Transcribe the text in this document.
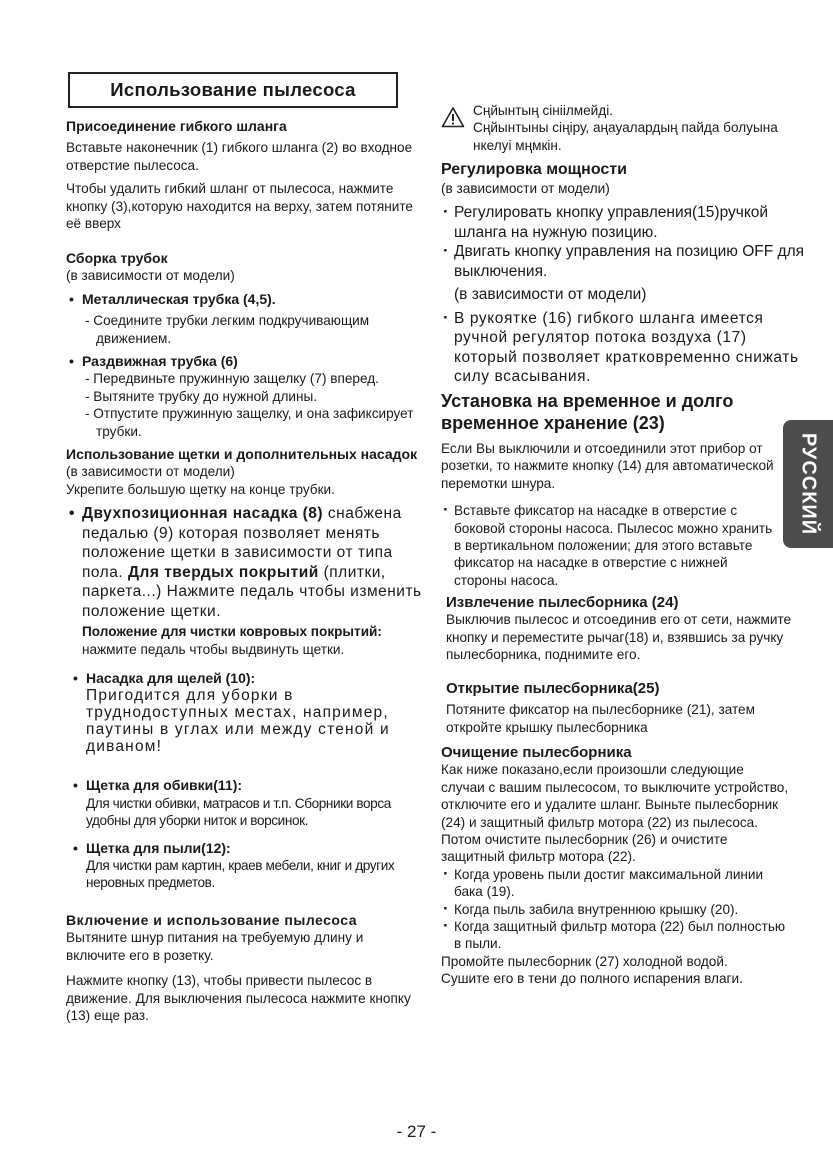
Использование пылесоса

Присоединение гибкого шланга

Вставьте наконечник (1) гибкого шланга (2) во входное отверстие пылесоса.

Чтобы удалить гибкий шланг от пылесоса, нажмите кнопку (3),которую находится на верху, затем потяните её вверх

Сборка трубок

(в зависимости от модели)

• Металлическая трубка (4,5).

- Соедините трубки легким подкручивающим движением.

• Раздвижная трубка (6)

- Передвиньте пружинную защелку (7) вперед.

- Вытяните трубку до нужной длины.

- Отпустите пружинную защелку, и она зафиксирует трубки.

Использование щетки и дополнительных насадок (в зависимости от модели)

Укрепите большую щетку на конце трубки.

• Двухпозиционная насадка (8) снабжена педалью (9) которая позволяет менять положение щетки в зависимости от типа пола. Для твердых покрытий (плитки, паркета...) Нажмите педаль чтобы изменить положение щетки.

Положение для чистки ковровых покрытий:

нажмите педаль чтобы выдвинуть щетки.

• Насадка для щелей (10):

Пригодится для уборки в труднодоступных местах, например, паутины в углах или между стеной и диваном!

• Щетка для обивки(11):

Для чистки обивки, матрасов и т.п. Сборники ворса удобны для уборки ниток и ворсинок.

• Щетка для пыли(12):

Для чистки рам картин, краев мебели, книг и других неровных предметов.

Включение и использование пылесоса

Вытяните шнур питания на требуемую длину и включите его в розетку.

Нажмите кнопку (13), чтобы привести пылесос в движение. Для выключения пылесоса нажмите кнопку (13) еще раз.

Сңйынтың сініілмейді.

Сңйынтыны сіңіру, аңауалардың пайда болуына нкелуі мңмкін.

Регулировка мощности

(в зависимости от модели)

· Регулировать кнопку управления(15)ручкой шланга на нужную позицию.

· Двигать кнопку управления на позицию OFF для выключения.

(в зависимости от модели)

· В рукоятке (16) гибкого шланга имеется ручной регулятор потока воздуха (17) который позволяет кратковременно снижать силу всасывания.

Установка на временное и долго временное хранение (23)

Если Вы выключили и отсоединили этот прибор от розетки, то нажмите кнопку (14) для автоматической перемотки шнура.

· Вставьте фиксатор на насадке в отверстие с боковой стороны насоса. Пылесос можно хранить в вертикальном положении; для этого вставьте фиксатор на насадке в отверстие с нижней стороны насоса.

Извлечение пылесборника (24)

Выключив пылесос и отсоединив его от сети, нажмите кнопку и переместите рычаг(18) и, взявшись за ручку пылесборника, поднимите его.

Открытие пылесборника(25)

Потяните фиксатор на пылесборнике (21), затем откройте крышку пылесборника

Очищение пылесборника

Как ниже показано,если произошли следующие случаи с вашим пылесосом, то выключите устройство, отключите его и удалите шланг. Выньте пылесборник (24) и защитный фильтр мотора (22) из пылесоса. Потом очистите пылесборник (26) и очистите защитный фильтр мотора (22).

· Когда уровень пыли достиг максимальной линии бака (19).

· Когда пыль забила внутреннюю крышку (20).

· Когда защитный фильтр мотора (22) был полностью в пыли.

Промойте пылесборник (27) холодной водой.

Сушите его в тени до полного испарения влаги.

РУССКИЙ
- 27 -
